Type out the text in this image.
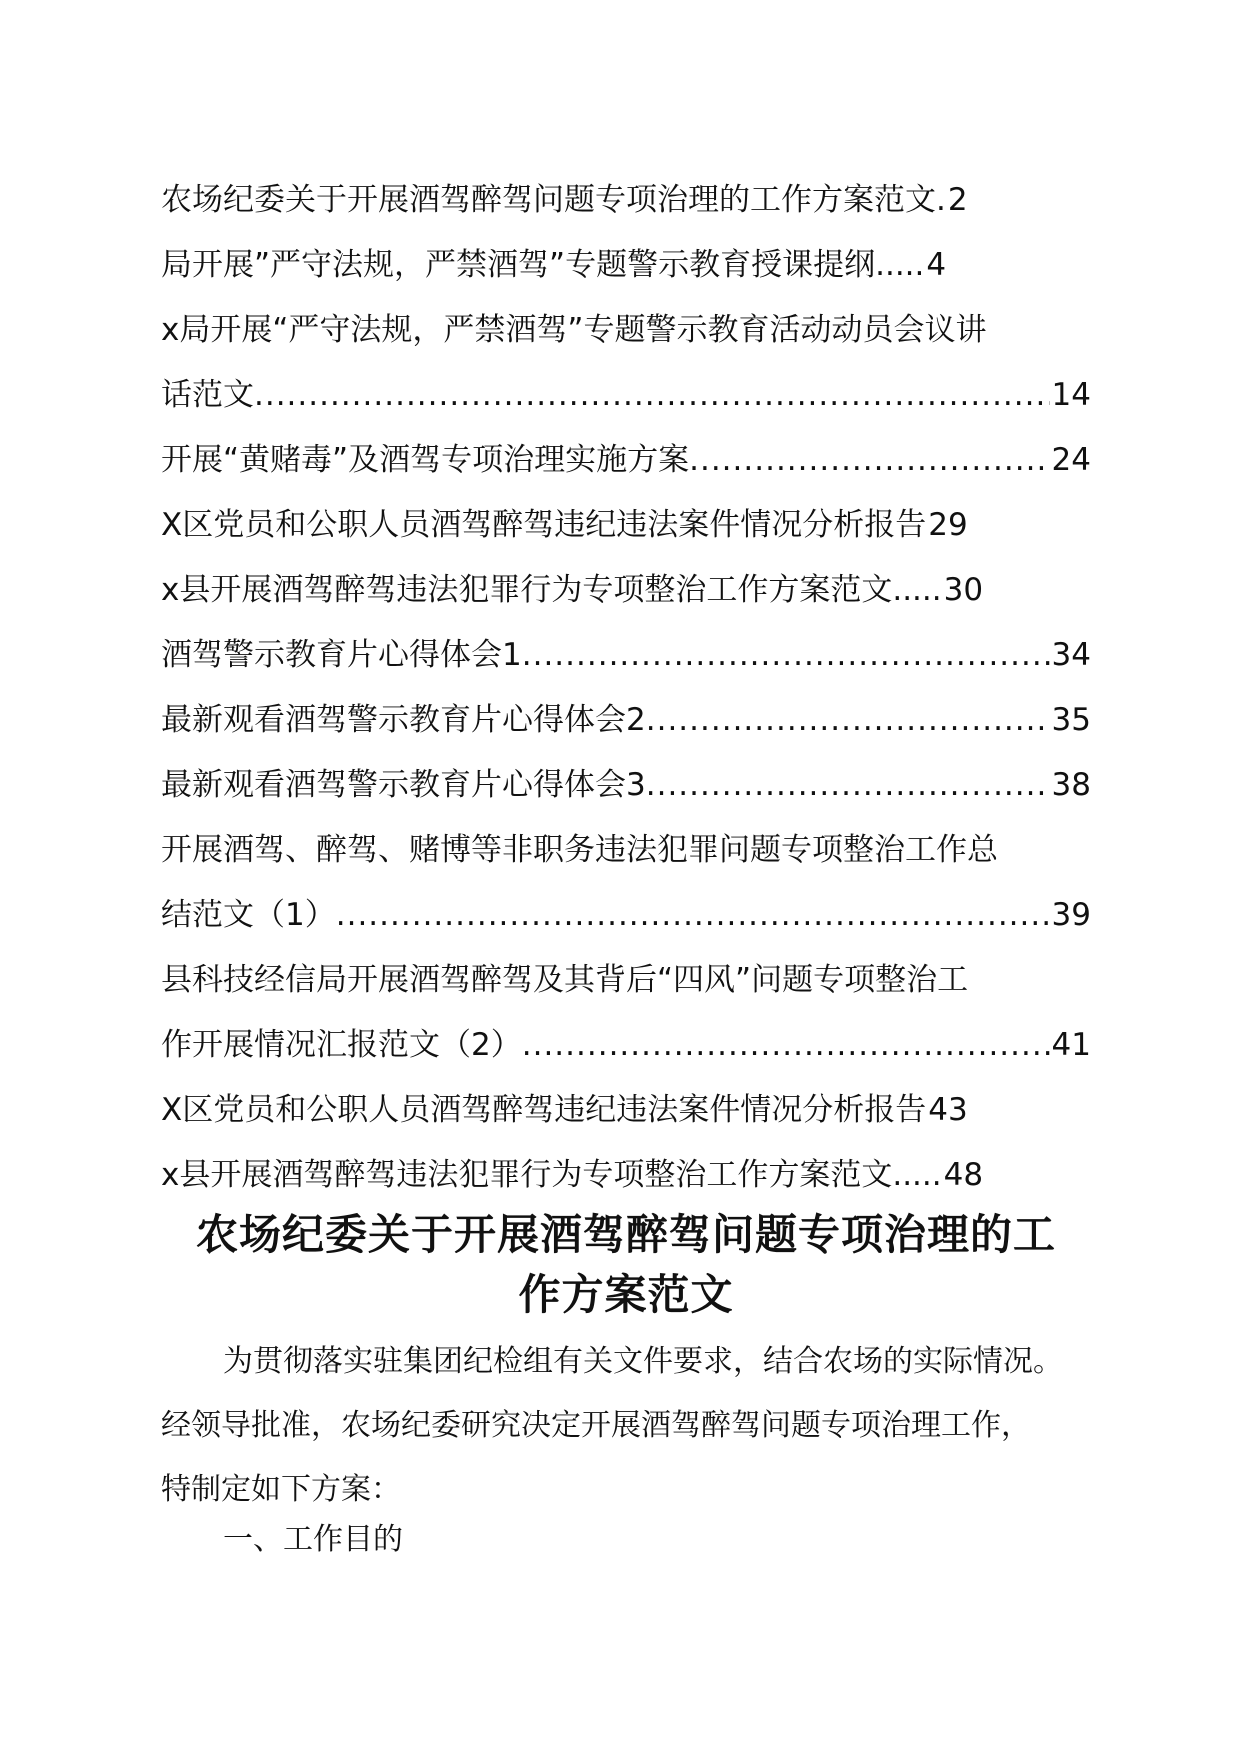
农场纪委关于开展酒驾醉驾问题专项治理的工作方案范文 . 2
局开展”严守法规，严禁酒驾”专题警示教育授课提纲 ..... 4
x局开展“严守法规，严禁酒驾”专题警示教育活动动员会议讲
话范文 .....	14
开展“黄赌毒”及酒驾专项治理实施方案 .....	24
X区党员和公职人员酒驾醉驾违纪违法案件情况分析报告 29
x县开展酒驾醉驾违法犯罪行为专项整治工作方案范文 ..... 30
酒驾警示教育片心得体会1 .....	34
最新观看酒驾警示教育片心得体会2 .....	35
最新观看酒驾警示教育片心得体会3 .....	38
开展酒驾、醉驾、赌博等非职务违法犯罪问题专项整治工作总
结范文（1） .....	39
县科技经信局开展酒驾醉驾及其背后“四风”问题专项整治工
作开展情况汇报范文（2） .....	41
X区党员和公职人员酒驾醉驾违纪违法案件情况分析报告 43
x县开展酒驾醉驾违法犯罪行为专项整治工作方案范文 ..... 48
农场纪委关于开展酒驾醉驾问题专项治理的工
作方案范文

为贯彻落实驻集团纪检组有关文件要求，结合农场的实际情况。

经领导批准，农场纪委研究决定开展酒驾醉驾问题专项治理工作，

特制定如下方案：

一、工作目的
